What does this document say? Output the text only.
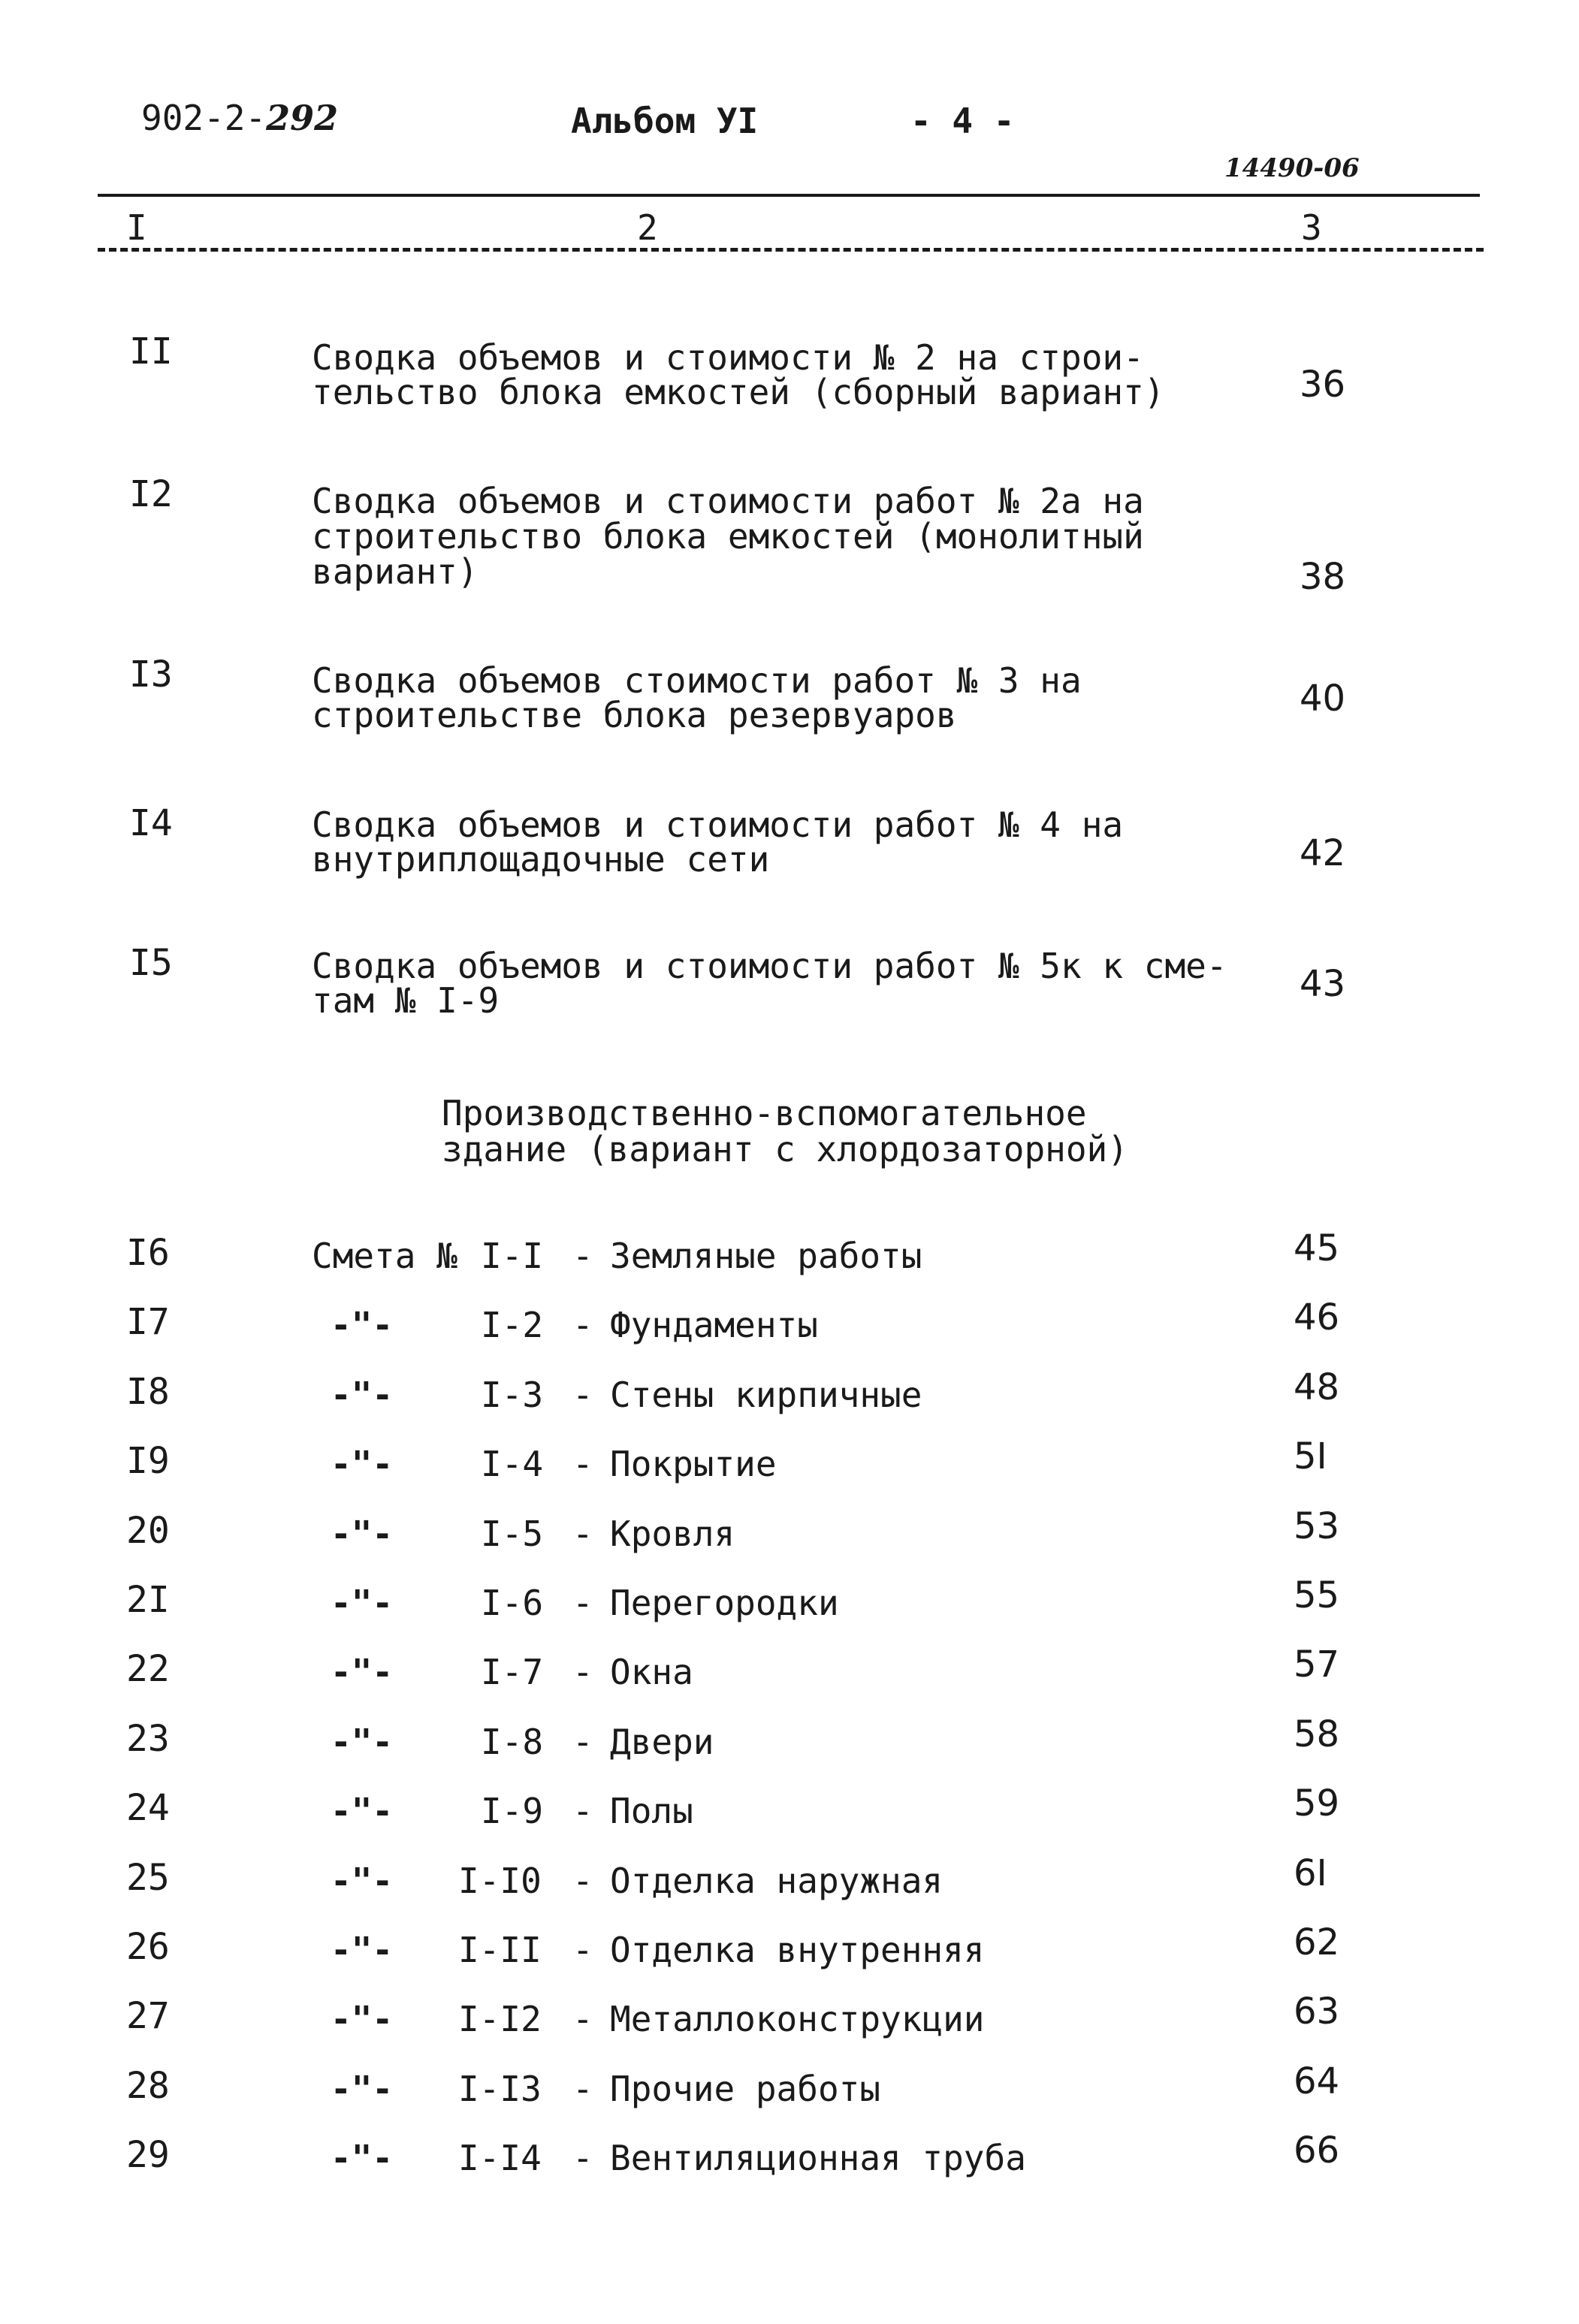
902-2-292	Альбом УI	- 4 -
14490-06
I	2	3
II	Сводка объемов и стоимости № 2 на строи-
тельство блока емкостей (сборный вариант)	36
I2	Сводка объемов и стоимости работ № 2а на
строительство блока емкостей (монолитный
вариант)	38
I3	Сводка объемов стоимости работ № 3 на
строительстве блока резервуаров	40
I4	Сводка объемов и стоимости работ № 4 на
внутриплощадочные сети	42
I5	Сводка объемов и стоимости работ № 5к к сме-
там № I-9	43
Производственно-вспомогательное
здание (вариант с хлордозаторной)
I6	Смета № I-I - Земляные работы	45
I7	-"-	I-2 - Фундаменты	46
I8	-"-	I-3 - Стены кирпичные	48
I9	-"-	I-4 - Покрытие	5I
20	-"-	I-5 - Кровля	53
2I	-"-	I-6 - Перегородки	55
22	-"-	I-7 - Окна	57
23	-"-	I-8 - Двери	58
24	-"-	I-9 - Полы	59
25	-"- I-I0 - Отделка наружная	6I
26	-"- I-II - Отделка внутренняя	62
27	-"- I-I2 - Металлоконструкции	63
28	-"- I-I3 - Прочие работы	64
29	-"- I-I4 - Вентиляционная труба	66
